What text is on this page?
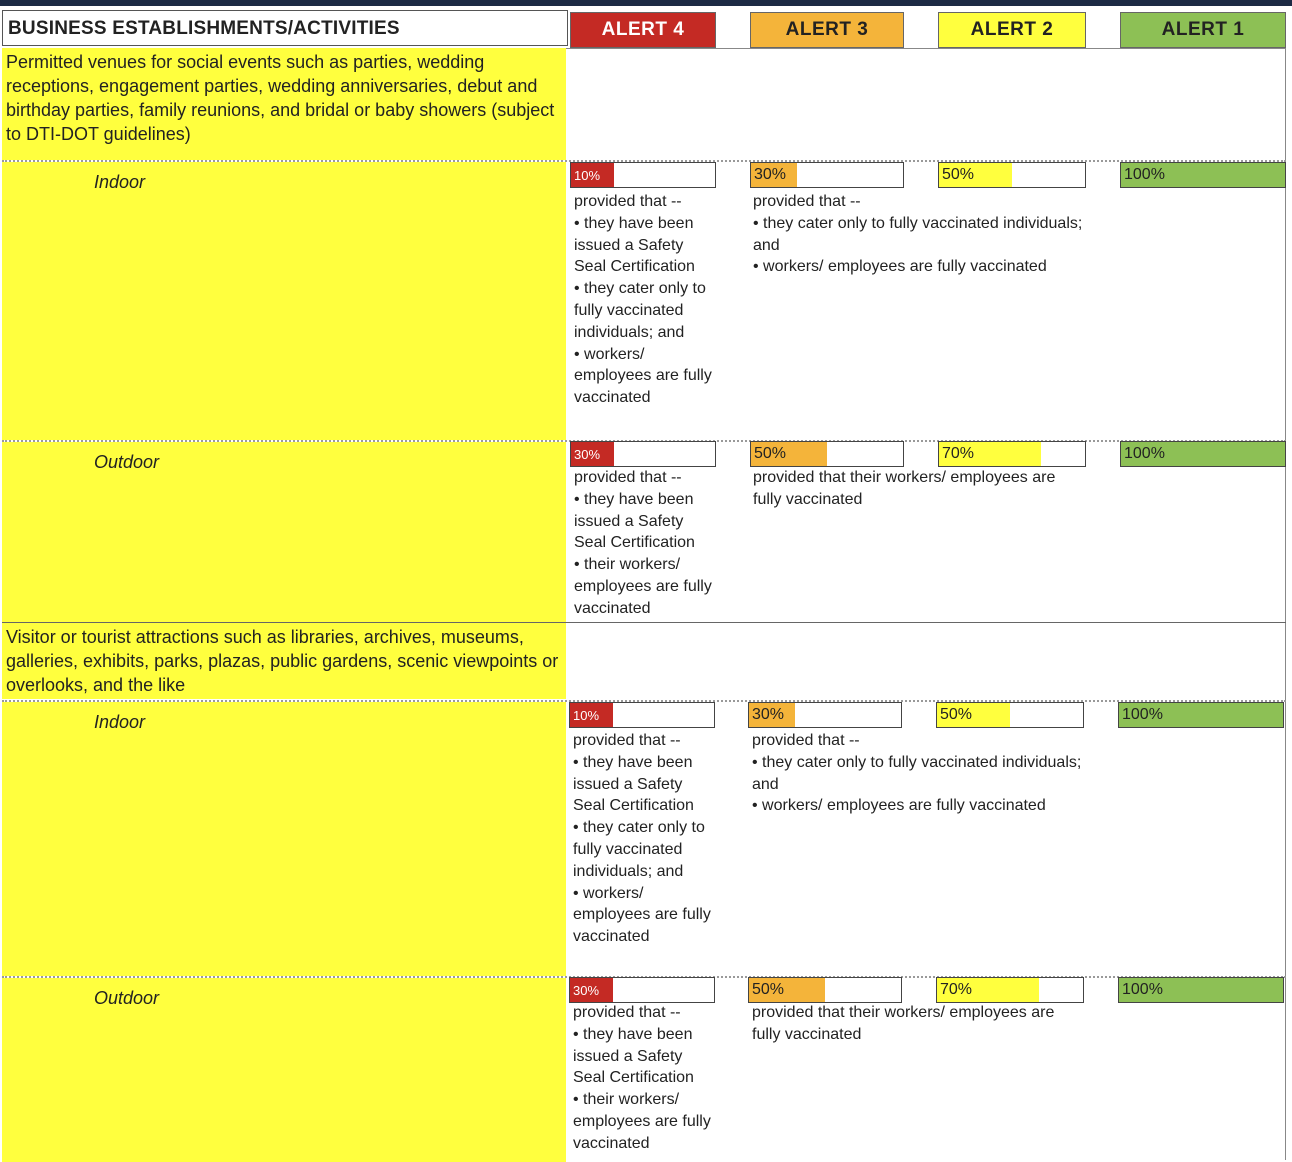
BUSINESS ESTABLISHMENTS/ACTIVITIES	ALERT 4	ALERT 3	ALERT 2	ALERT 1
Permitted venues for social events such as parties, wedding receptions, engagement parties, wedding anniversaries, debut and birthday parties, family reunions, and bridal or baby showers (subject to DTI-DOT guidelines)
Indoor	10%	30%	50%	100%
provided that --
• they have been issued a Safety Seal Certification
• they cater only to fully vaccinated individuals; and
• workers/ employees are fully vaccinated
provided that --
• they cater only to fully vaccinated individuals; and
• workers/ employees are fully vaccinated
Outdoor	30%	50%	70%	100%
provided that --
• they have been issued a Safety Seal Certification
• their workers/ employees are fully vaccinated
provided that their workers/ employees are fully vaccinated
Visitor or tourist attractions such as libraries, archives, museums, galleries, exhibits, parks, plazas, public gardens, scenic viewpoints or overlooks, and the like
Indoor	10%	30%	50%	100%
provided that --
• they have been issued a Safety Seal Certification
• they cater only to fully vaccinated individuals; and
• workers/ employees are fully vaccinated
provided that --
• they cater only to fully vaccinated individuals; and
• workers/ employees are fully vaccinated
Outdoor	30%	50%	70%	100%
provided that --
• they have been issued a Safety Seal Certification
• their workers/ employees are fully vaccinated
provided that their workers/ employees are fully vaccinated
